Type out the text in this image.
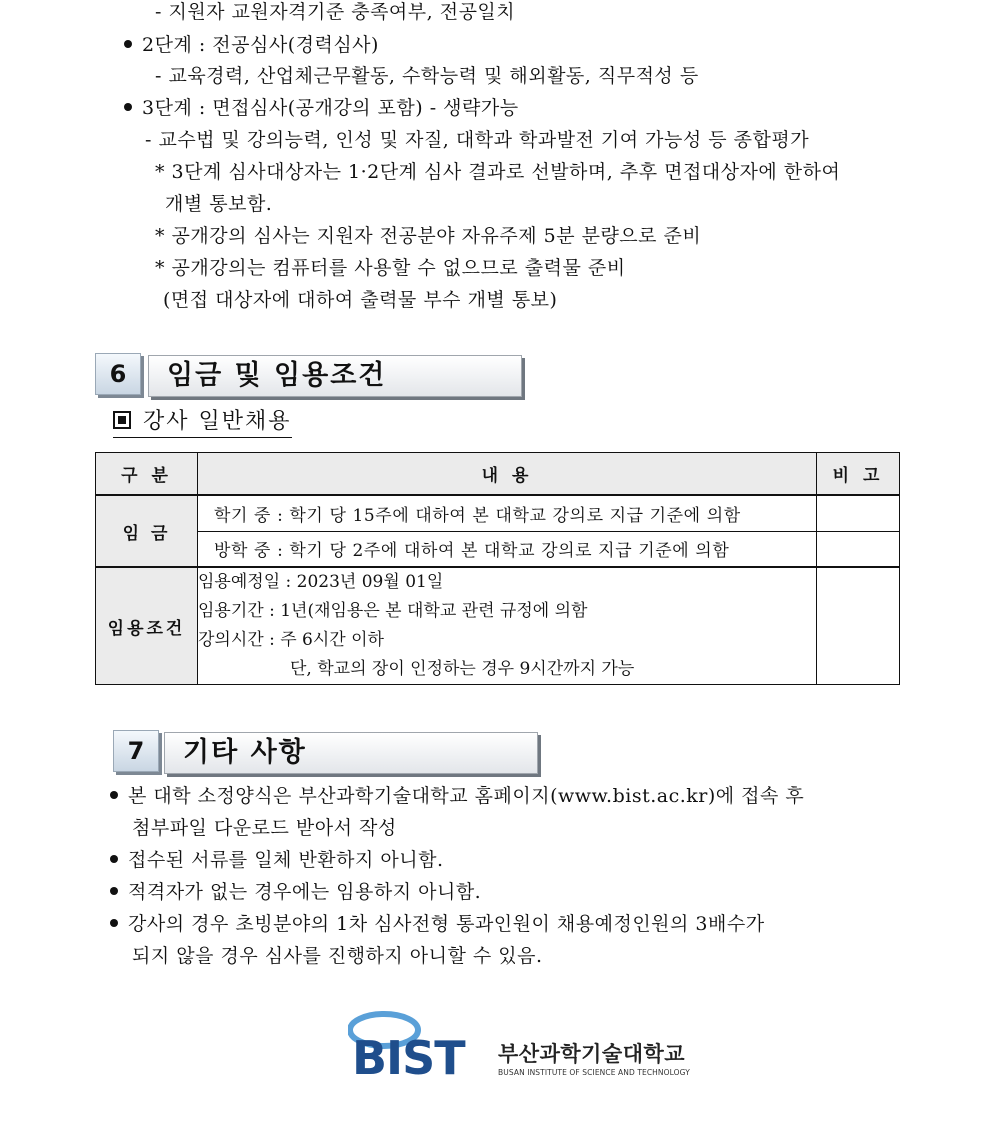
- 지원자 교원자격기준 충족여부, 전공일치
2단계 : 전공심사(경력심사)
- 교육경력, 산업체근무활동, 수학능력 및 해외활동, 직무적성 등
3단계 : 면접심사(공개강의 포함) - 생략가능
- 교수법 및 강의능력, 인성 및 자질, 대학과 학과발전 기여 가능성 등 종합평가
* 3단계 심사대상자는 1·2단계 심사 결과로 선발하며, 추후 면접대상자에 한하여
개별 통보함.
* 공개강의 심사는 지원자 전공분야 자유주제 5분 분량으로 준비
* 공개강의는 컴퓨터를 사용할 수 없으므로 출력물 준비
(면접 대상자에 대하여 출력물 부수 개별 통보)
6	임금 및 임용조건
강사 일반채용
구 분	내 용	비 고
임 금	학기 중 : 학기 당 15주에 대하여 본 대학교 강의로 지급 기준에 의함	
	방학 중 : 학기 당 2주에 대하여 본 대학교 강의로 지급 기준에 의함	
임용조건	임용예정일 : 2023년 09월 01일
임용기간 : 1년(재임용은 본 대학교 관련 규정에 의함
강의시간 : 주 6시간 이하
단, 학교의 장이 인정하는 경우 9시간까지 가능	

7	기타 사항
본 대학 소정양식은 부산과학기술대학교 홈페이지(www.bist.ac.kr)에 접속 후
첨부파일 다운로드 받아서 작성
접수된 서류를 일체 반환하지 아니함.
적격자가 없는 경우에는 임용하지 아니함.
강사의 경우 초빙분야의 1차 심사전형 통과인원이 채용예정인원의 3배수가
되지 않을 경우 심사를 진행하지 아니할 수 있음.
BIST 부산과학기술대학교
BUSAN INSTITUTE OF SCIENCE AND TECHNOLOGY
